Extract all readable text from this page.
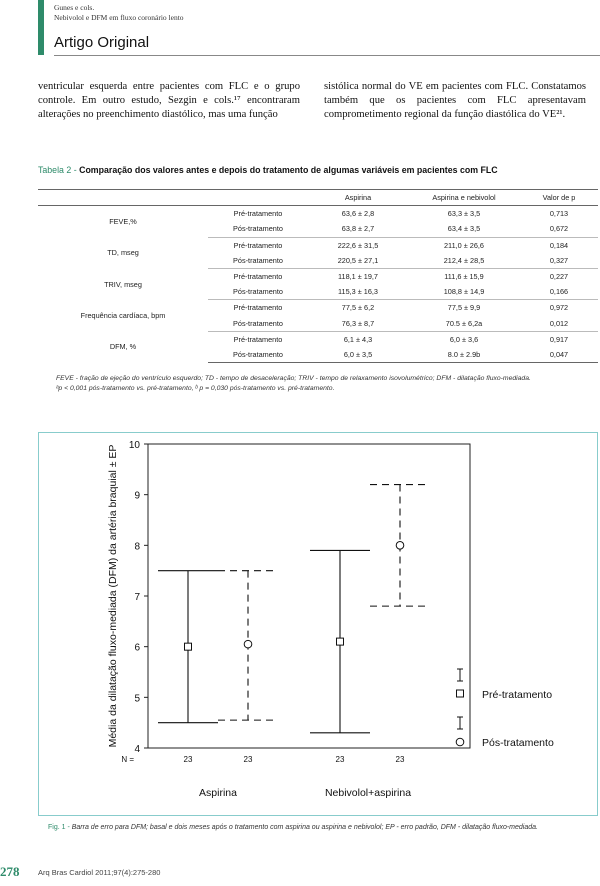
Gunes e cols.
Nebivolol e DFM em fluxo coronário lento
Artigo Original
ventricular esquerda entre pacientes com FLC e o grupo controle. Em outro estudo, Sezgin e cols.¹⁷ encontraram alterações no preenchimento diastólico, mas uma função
sistólica normal do VE em pacientes com FLC. Constatamos também que os pacientes com FLC apresentavam comprometimento regional da função diastólica do VE²¹.
Tabela 2 - Comparação dos valores antes e depois do tratamento de algumas variáveis em pacientes com FLC
		Aspirina	Aspirina e nebivolol	Valor de p
FEVE,%	Pré-tratamento	63,6 ± 2,8	63,3 ± 3,5	0,713
	Pós-tratamento	63,8 ± 2,7	63,4 ± 3,5	0,672
TD, mseg	Pré-tratamento	222,6 ± 31,5	211,0 ± 26,6	0,184
	Pós-tratamento	220,5 ± 27,1	212,4 ± 28,5	0,327
TRIV, mseg	Pré-tratamento	118,1 ± 19,7	111,6 ± 15,9	0,227
	Pós-tratamento	115,3 ± 16,3	108,8 ± 14,9	0,166
Frequência cardíaca, bpm	Pré-tratamento	77,5 ± 6,2	77,5 ± 9,9	0,972
	Pós-tratamento	76,3 ± 8,7	70.5 ± 6,2a	0,012
DFM, %	Pré-tratamento	6,1 ± 4,3	6,0 ± 3,6	0,917
	Pós-tratamento	6,0 ± 3,5	8.0 ± 2.9b	0,047
FEVE - fração de ejeção do ventrículo esquerdo; TD - tempo de desaceleração; TRIV - tempo de relaxamento isovolumétrico; DFM - dilatação fluxo-mediada.
ᵃp < 0,001 pós-tratamento vs. pré-tratamento, ᵇ p = 0,030 pós-tratamento vs. pré-tratamento.
4
5
6
7
8
9
10
Média da dilatação fluxo-mediada (DFM) da artéria braquial ± EP
23	23	23	23
N =
Aspirina	Nebivolol+aspirina
Pré-tratamento
Pós-tratamento
Fig. 1 - Barra de erro para DFM; basal e dois meses após o tratamento com aspirina ou aspirina e nebivolol; EP - erro padrão, DFM - dilatação fluxo-mediada.
278 Arq Bras Cardiol 2011;97(4):275-280
